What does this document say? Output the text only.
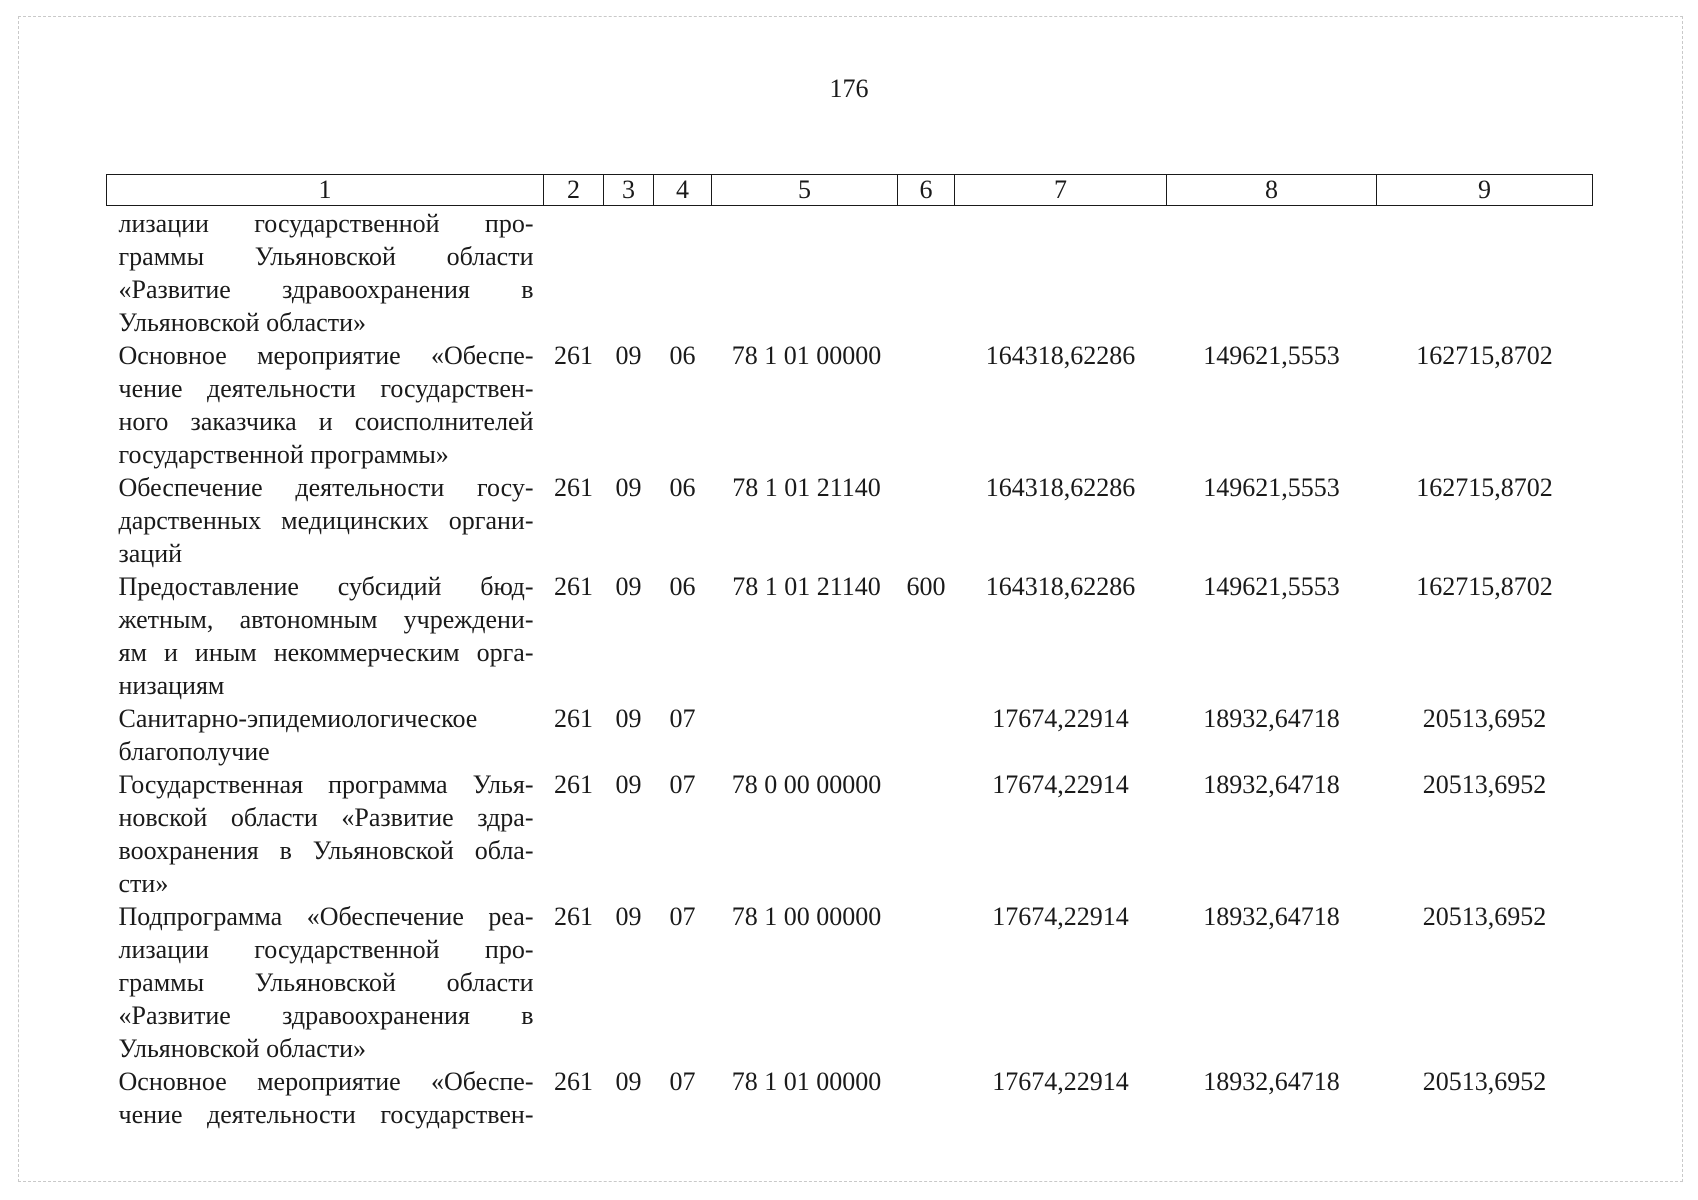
176
1	2	3	4	5	6	7	8	9

лизации государственной про-
граммы Ульяновской области
«Развитие здравоохранения в
Ульяновской области»								

Основное мероприятие «Обеспе-
чение деятельности государствен-
ного заказчика и соисполнителей
государственной программы»	261	09	06	78 1 01 00000		164318,62286	149621,5553	162715,8702

Обеспечение деятельности госу-
дарственных медицинских органи-
заций	261	09	06	78 1 01 21140		164318,62286	149621,5553	162715,8702

Предоставление субсидий бюд-
жетным, автономным учреждени-
ям и иным некоммерческим орга-
низациям	261	09	06	78 1 01 21140	600	164318,62286	149621,5553	162715,8702

Санитарно-эпидемиологическое
благополучие	261	09	07			17674,22914	18932,64718	20513,6952

Государственная программа Улья-
новской области «Развитие здра-
воохранения в Ульяновской обла-
сти»	261	09	07	78 0 00 00000		17674,22914	18932,64718	20513,6952

Подпрограмма «Обеспечение реа-
лизации государственной про-
граммы Ульяновской области
«Развитие здравоохранения в
Ульяновской области»	261	09	07	78 1 00 00000		17674,22914	18932,64718	20513,6952

Основное мероприятие «Обеспе-
чение деятельности государствен-	261	09	07	78 1 01 00000		17674,22914	18932,64718	20513,6952
